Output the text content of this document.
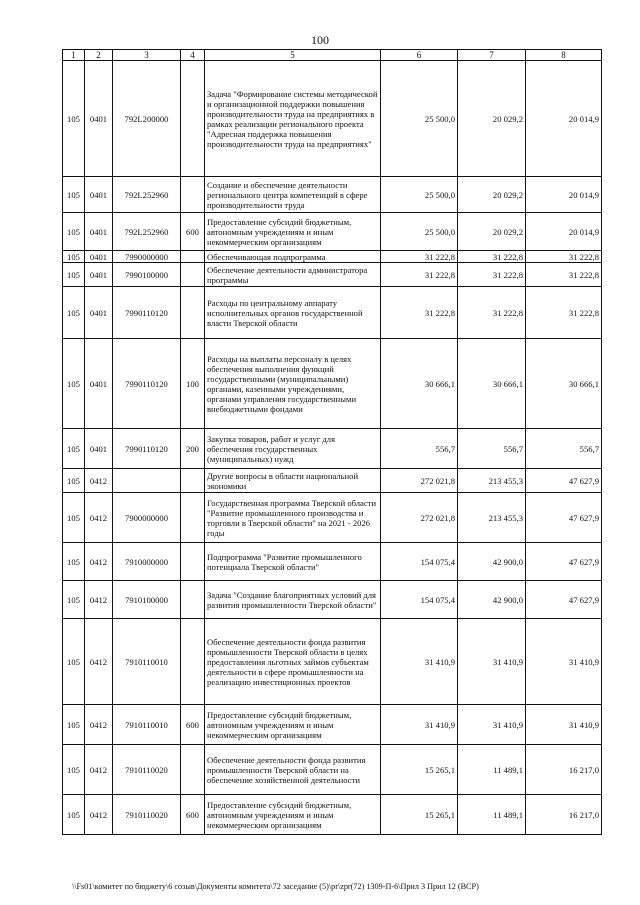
100
1	2	3	4	5	6	7	8
105	0401	792L200000		Задача "Формирование системы методической и организационной поддержки повышения производительности труда на предприятиях в рамках реализации регионального проекта "Адресная поддержка повышения производительности труда на предприятиях"	25 500,0	20 029,2	20 014,9
105	0401	792L252960		Создание и обеспечение деятельности регионального центра компетенций в сфере производительности труда	25 500,0	20 029,2	20 014,9
105	0401	792L252960	600	Предоставление субсидий бюджетным, автономным учреждениям и иным некоммерческим организациям	25 500,0	20 029,2	20 014,9
105	0401	7990000000		Обеспечивающая подпрограмма	31 222,8	31 222,8	31 222,8
105	0401	7990100000		Обеспечение деятельности администратора программы	31 222,8	31 222,8	31 222,8
105	0401	7990110120		Расходы по центральному аппарату исполнительных органов государственной власти Тверской области	31 222,8	31 222,8	31 222,8
105	0401	7990110120	100	Расходы на выплаты персоналу в целях обеспечения выполнения функций государственными (муниципальными) органами, казенными учреждениями, органами управления государственными внебюджетными фондами	30 666,1	30 666,1	30 666,1
105	0401	7990110120	200	Закупка товаров, работ и услуг для обеспечения государственных (муниципальных) нужд	556,7	556,7	556,7
105	0412			Другие вопросы в области национальной экономики	272 021,8	213 455,3	47 627,9
105	0412	7900000000		Государственная программа Тверской области "Развитие промышленного производства и торговли в Тверской области" на 2021 - 2026 годы	272 021,8	213 455,3	47 627,9
105	0412	7910000000		Подпрограмма "Развитие промышленного потенциала Тверской области"	154 075,4	42 900,0	47 627,9
105	0412	7910100000		Задача "Создание благоприятных условий для развития промышленности Тверской области"	154 075,4	42 900,0	47 627,9
105	0412	7910110010		Обеспечение деятельности фонда развития промышленности Тверской области в целях предоставления льготных займов субъектам деятельности в сфере промышленности на реализацию инвестиционных проектов	31 410,9	31 410,9	31 410,9
105	0412	7910110010	600	Предоставление субсидий бюджетным, автономным учреждениям и иным некоммерческим организациям	31 410,9	31 410,9	31 410,9
105	0412	7910110020		Обеспечение деятельности фонда развития промышленности Тверской области на обеспечение хозяйственной деятельности	15 265,1	11 489,1	16 217,0
105	0412	7910110020	600	Предоставление субсидий бюджетным, автономным учреждениям и иным некоммерческим организациям	15 265,1	11 489,1	16 217,0
\\Fs01\комитет по бюджету\6 созыв\Документы комитета\72 заседание (5)\pr\zpr(72) 1309-П-6\Прил 3 Прил 12 (ВСР)
